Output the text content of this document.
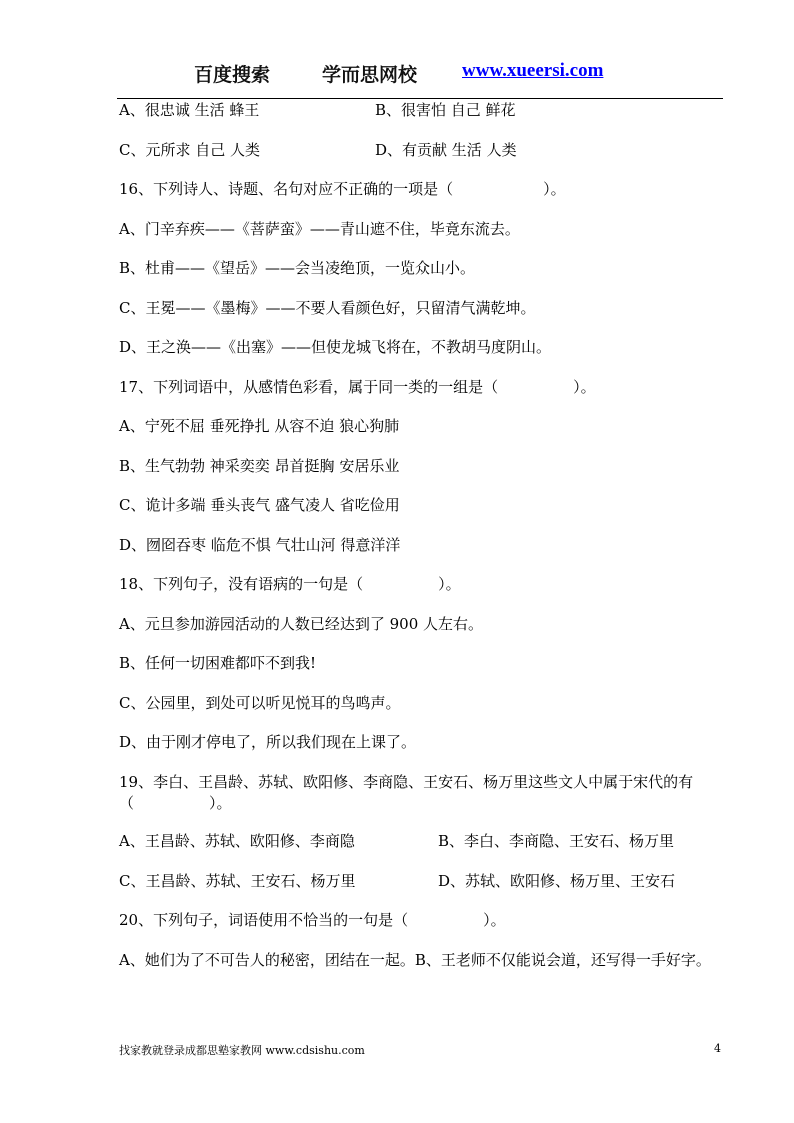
百度搜索	学而思网校 www.xueersi.com
A、很忠诚 生活 蜂王	B、很害怕 自己 鲜花
C、元所求 自己 人类	D、有贡献 生活 人类
16、下列诗人、诗题、名句对应不正确的一项是（　　　　　　）。
A、门辛弃疾——《菩萨蛮》——青山遮不住，毕竟东流去。
B、杜甫——《望岳》——会当凌绝顶，一览众山小。
C、王冕——《墨梅》——不要人看颜色好，只留清气满乾坤。
D、王之涣——《出塞》——但使龙城飞将在，不教胡马度阴山。
17、下列词语中，从感情色彩看，属于同一类的一组是（　　　　　）。
A、宁死不屈 垂死挣扎 从容不迫 狼心狗肺
B、生气勃勃 神采奕奕 昂首挺胸 安居乐业
C、诡计多端 垂头丧气 盛气凌人 省吃俭用
D、囫囵吞枣 临危不惧 气壮山河 得意洋洋
18、下列句子，没有语病的一句是（　　　　　）。
A、元旦参加游园活动的人数已经达到了 900 人左右。
B、任何一切困难都吓不到我!
C、公园里，到处可以听见悦耳的鸟鸣声。
D、由于刚才停电了，所以我们现在上课了。
19、李白、王昌龄、苏轼、欧阳修、李商隐、王安石、杨万里这些文人中属于宋代的有
（　　　　　）。
A、王昌龄、苏轼、欧阳修、李商隐	B、李白、李商隐、王安石、杨万里
C、王昌龄、苏轼、王安石、杨万里	D、苏轼、欧阳修、杨万里、王安石
20、下列句子，词语使用不恰当的一句是（　　　　　）。
A、她们为了不可告人的秘密，团结在一起。B、王老师不仅能说会道，还写得一手好字。
找家教就登录成都思塾家教网 www.cdsishu.com	4
